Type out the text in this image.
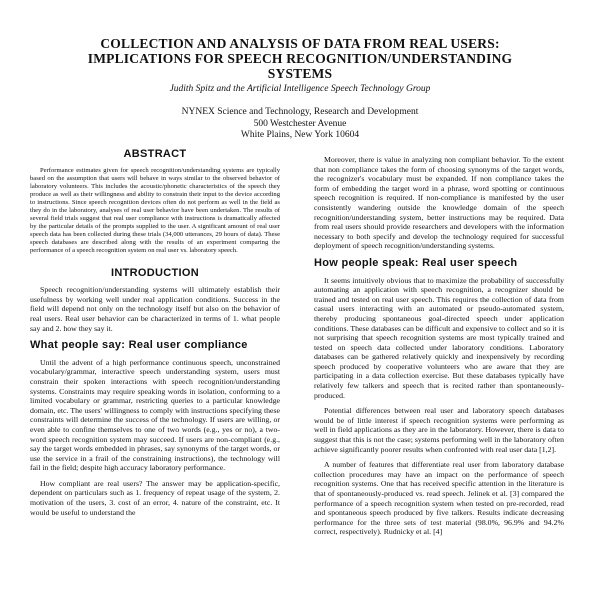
COLLECTION AND ANALYSIS OF DATA FROM REAL USERS:
IMPLICATIONS FOR SPEECH RECOGNITION/UNDERSTANDING
SYSTEMS
Judith Spitz and the Artificial Intelligence Speech Technology Group
NYNEX Science and Technology, Research and Development
500 Westchester Avenue
White Plains, New York 10604
ABSTRACT
Performance estimates given for speech recognition/understanding systems are typically based on the assumption that users will behave in ways similar to the observed behavior of laboratory volunteers. This includes the acoustic/phonetic characteristics of the speech they produce as well as their willingness and ability to constrain their input to the device according to instructions. Since speech recognition devices often do not perform as well in the field as they do in the laboratory, analyses of real user behavior have been undertaken. The results of several field trials suggest that real user compliance with instructions is dramatically affected by the particular details of the prompts supplied to the user. A significant amount of real user speech data has been collected during these trials (34,000 utterances, 29 hours of data). These speech databases are described along with the results of an experiment comparing the performance of a speech recognition system on real user vs. laboratory speech.
INTRODUCTION
Speech recognition/understanding systems will ultimately establish their usefulness by working well under real application conditions. Success in the field will depend not only on the technology itself but also on the behavior of real users. Real user behavior can be characterized in terms of 1. what people say and 2. how they say it.
What people say: Real user compliance
Until the advent of a high performance continuous speech, unconstrained vocabulary/grammar, interactive speech understanding system, users must constrain their spoken interactions with speech recognition/understanding systems. Constraints may require speaking words in isolation, conforming to a limited vocabulary or grammar, restricting queries to a particular knowledge domain, etc. The users' willingness to comply with instructions specifying these constraints will determine the success of the technology. If users are willing, or even able to confine themselves to one of two words (e.g., yes or no), a two-word speech recognition system may succeed. If users are non-compliant (e.g., say the target words embedded in phrases, say synonyms of the target words, or use the service in a frail of the constraining instructions), the technology will fail in the field; despite high accuracy laboratory performance.
How compliant are real users? The answer may be application-specific, dependent on particulars such as 1. frequency of repeat usage of the system, 2. motivation of the users, 3. cost of an error, 4. nature of the constraint, etc. It would be useful to understand the
Moreover, there is value in analyzing non compliant behavior. To the extent that non compliance takes the form of choosing synonyms of the target words, the recognizer's vocabulary must be expanded. If non compliance takes the form of embedding the target word in a phrase, word spotting or continuous speech recognition is required. If non-compliance is manifested by the user consistently wandering outside the knowledge domain of the speech recognition/understanding system, better instructions may be required. Data from real users should provide researchers and developers with the information necessary to both specify and develop the technology required for successful deployment of speech recognition/understanding systems.
How people speak: Real user speech
It seems intuitively obvious that to maximize the probability of successfully automating an application with speech recognition, a recognizer should be trained and tested on real user speech. This requires the collection of data from casual users interacting with an automated or pseudo-automated system, thereby producing spontaneous goal-directed speech under application conditions. These databases can be difficult and expensive to collect and so it is not surprising that speech recognition systems are most typically trained and tested on speech data collected under laboratory conditions. Laboratory databases can be gathered relatively quickly and inexpensively by recording speech produced by cooperative volunteers who are aware that they are participating in a data collection exercise. But these databases typically have relatively few talkers and speech that is recited rather than spontaneously-produced.
Potential differences between real user and laboratory speech databases would be of little interest if speech recognition systems were performing as well in field applications as they are in the laboratory. However, there is data to suggest that this is not the case; systems performing well in the laboratory often achieve significantly poorer results when confronted with real user data [1,2].
A number of features that differentiate real user from laboratory database collection procedures may have an impact on the performance of speech recognition systems. One that has received specific attention in the literature is that of spontaneously-produced vs. read speech. Jelinek et al. [3] compared the performance of a speech recognition system when tested on pre-recorded, read and spontaneous speech produced by five talkers. Results indicate decreasing performance for the three sets of test material (98.0%, 96.9% and 94.2% correct, respectively). Rudnicky et al. [4]
